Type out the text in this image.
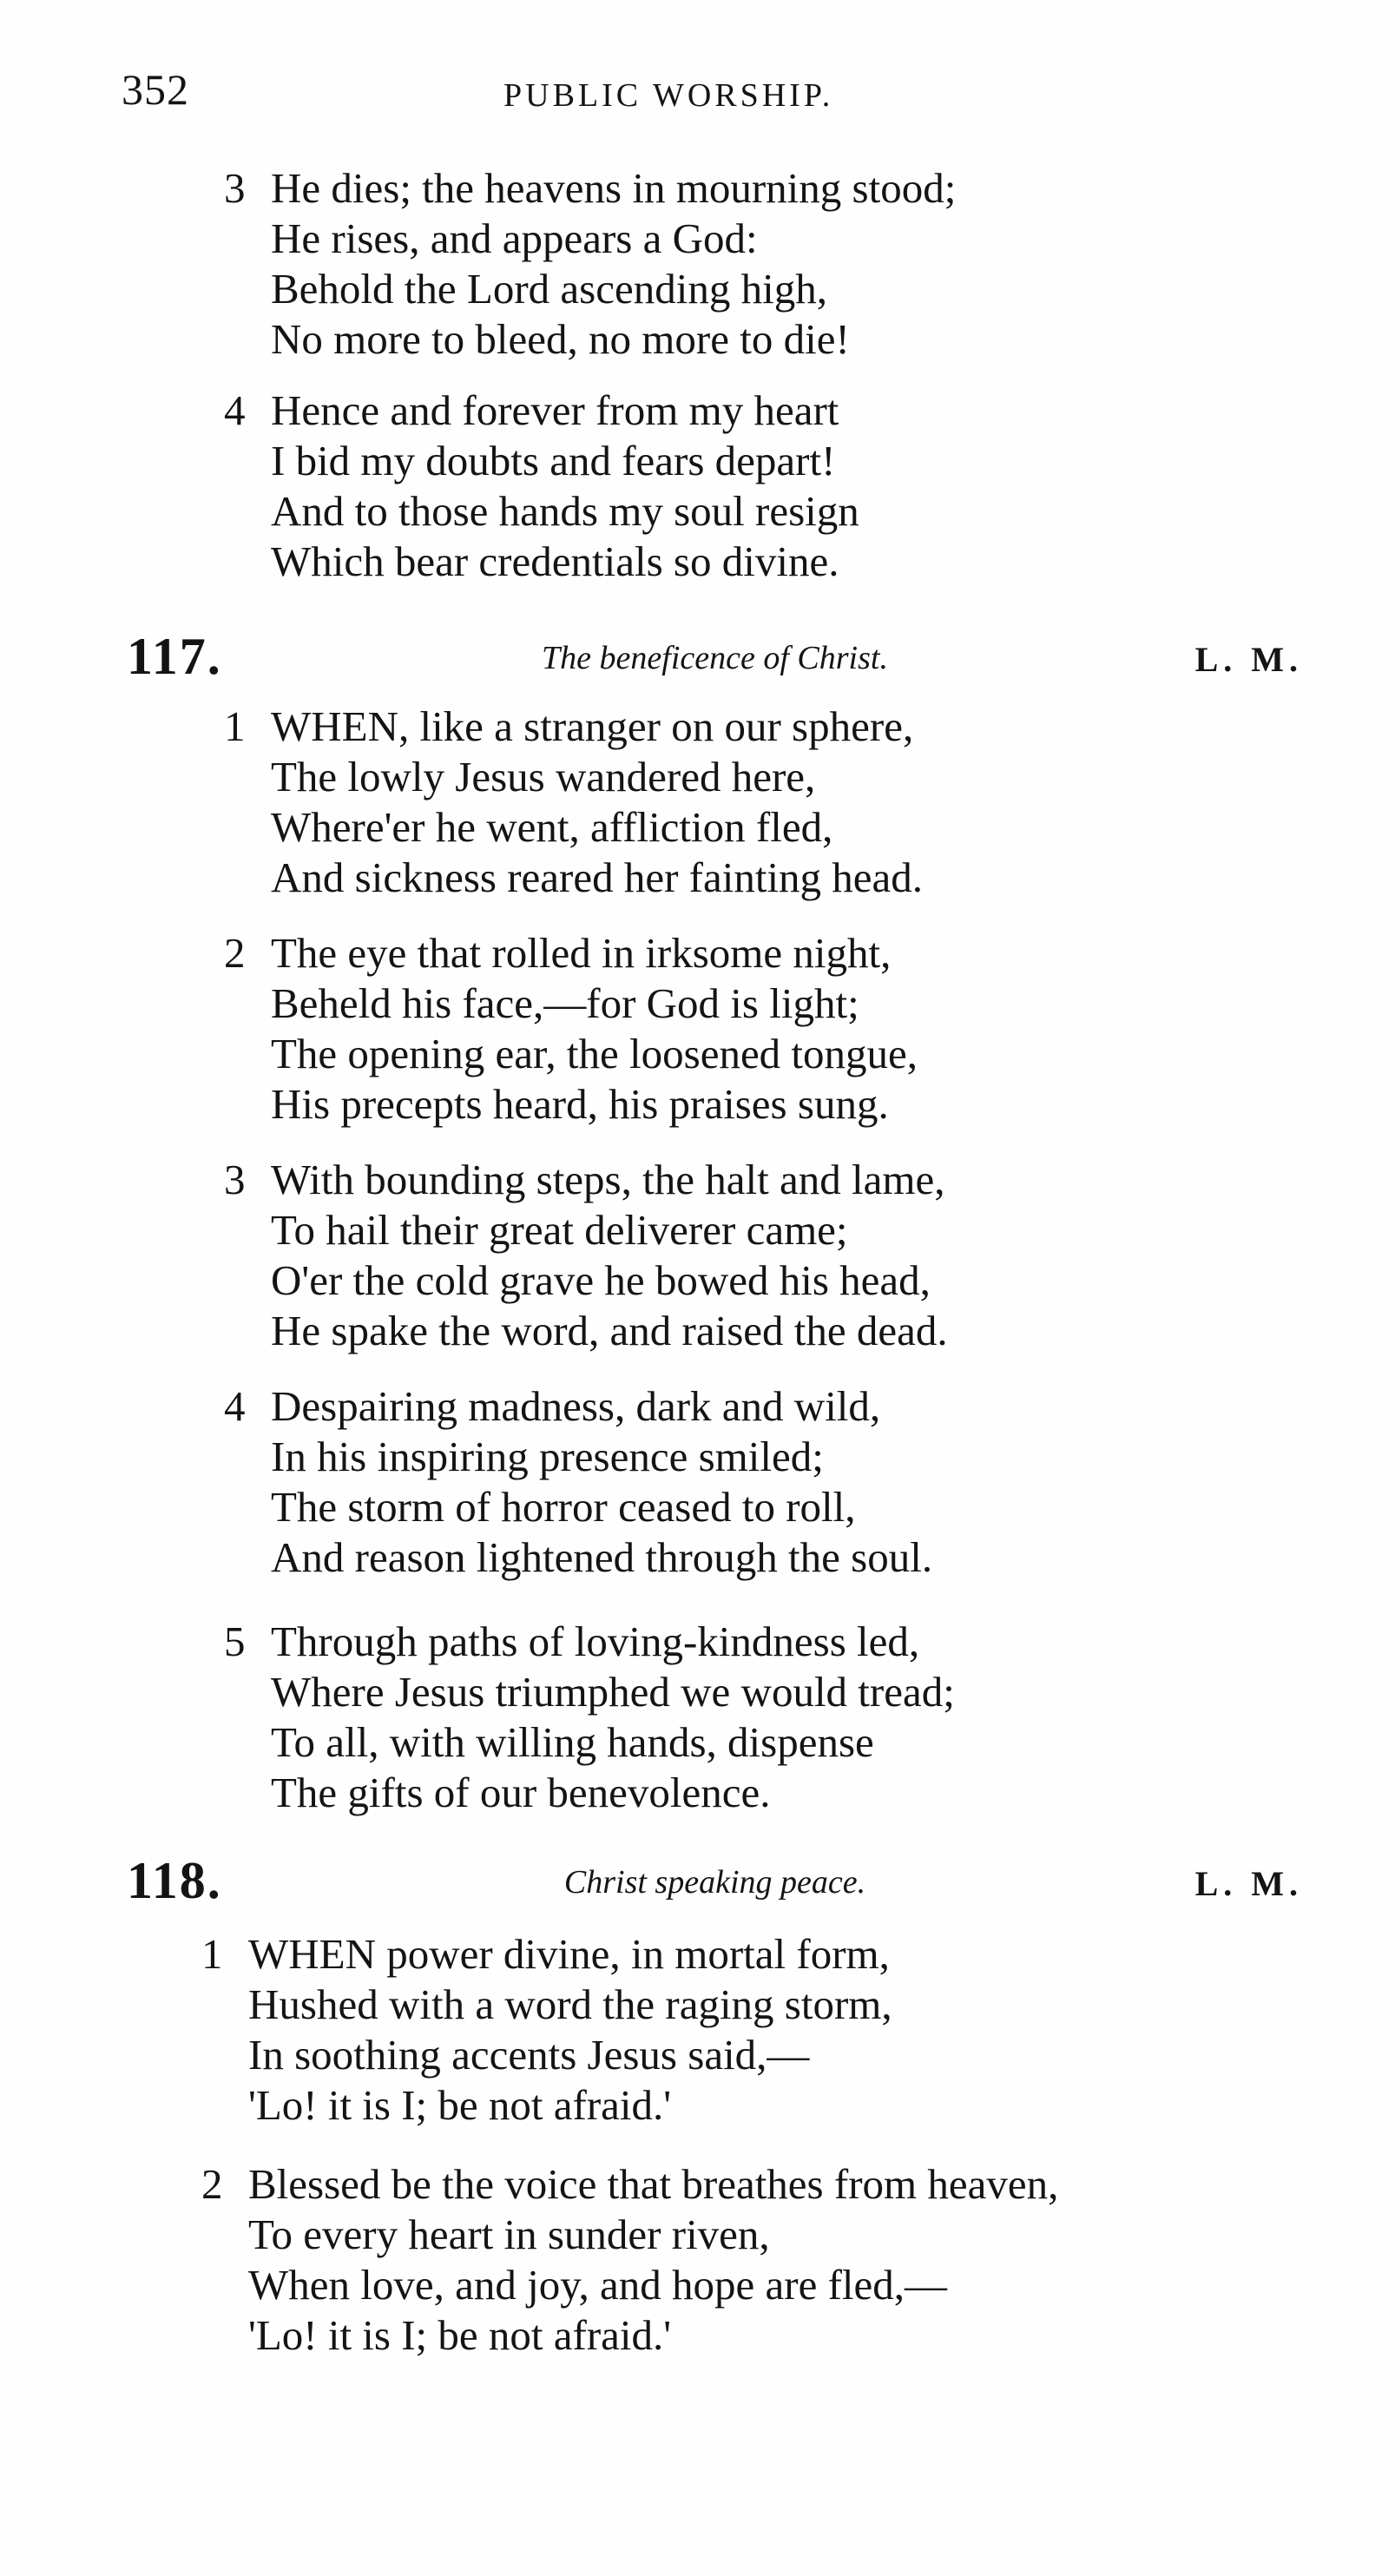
352	PUBLIC WORSHIP.
3 He dies; the heavens in mourning stood;
He rises, and appears a God:
Behold the Lord ascending high,
No more to bleed, no more to die!
4 Hence and forever from my heart
I bid my doubts and fears depart!
And to those hands my soul resign
Which bear credentials so divine.
117.	The beneficence of Christ.	L. M.
1 WHEN, like a stranger on our sphere,
The lowly Jesus wandered here,
Where'er he went, affliction fled,
And sickness reared her fainting head.
2 The eye that rolled in irksome night,
Beheld his face,—for God is light;
The opening ear, the loosened tongue,
His precepts heard, his praises sung.
3 With bounding steps, the halt and lame,
To hail their great deliverer came;
O'er the cold grave he bowed his head,
He spake the word, and raised the dead.
4 Despairing madness, dark and wild,
In his inspiring presence smiled;
The storm of horror ceased to roll,
And reason lightened through the soul.
5 Through paths of loving-kindness led,
Where Jesus triumphed we would tread;
To all, with willing hands, dispense
The gifts of our benevolence.
118.	Christ speaking peace.	L. M.
1 WHEN power divine, in mortal form,
Hushed with a word the raging storm,
In soothing accents Jesus said,—
'Lo! it is I; be not afraid.'
2 Blessed be the voice that breathes from heaven,
To every heart in sunder riven,
When love, and joy, and hope are fled,—
'Lo! it is I; be not afraid.'
